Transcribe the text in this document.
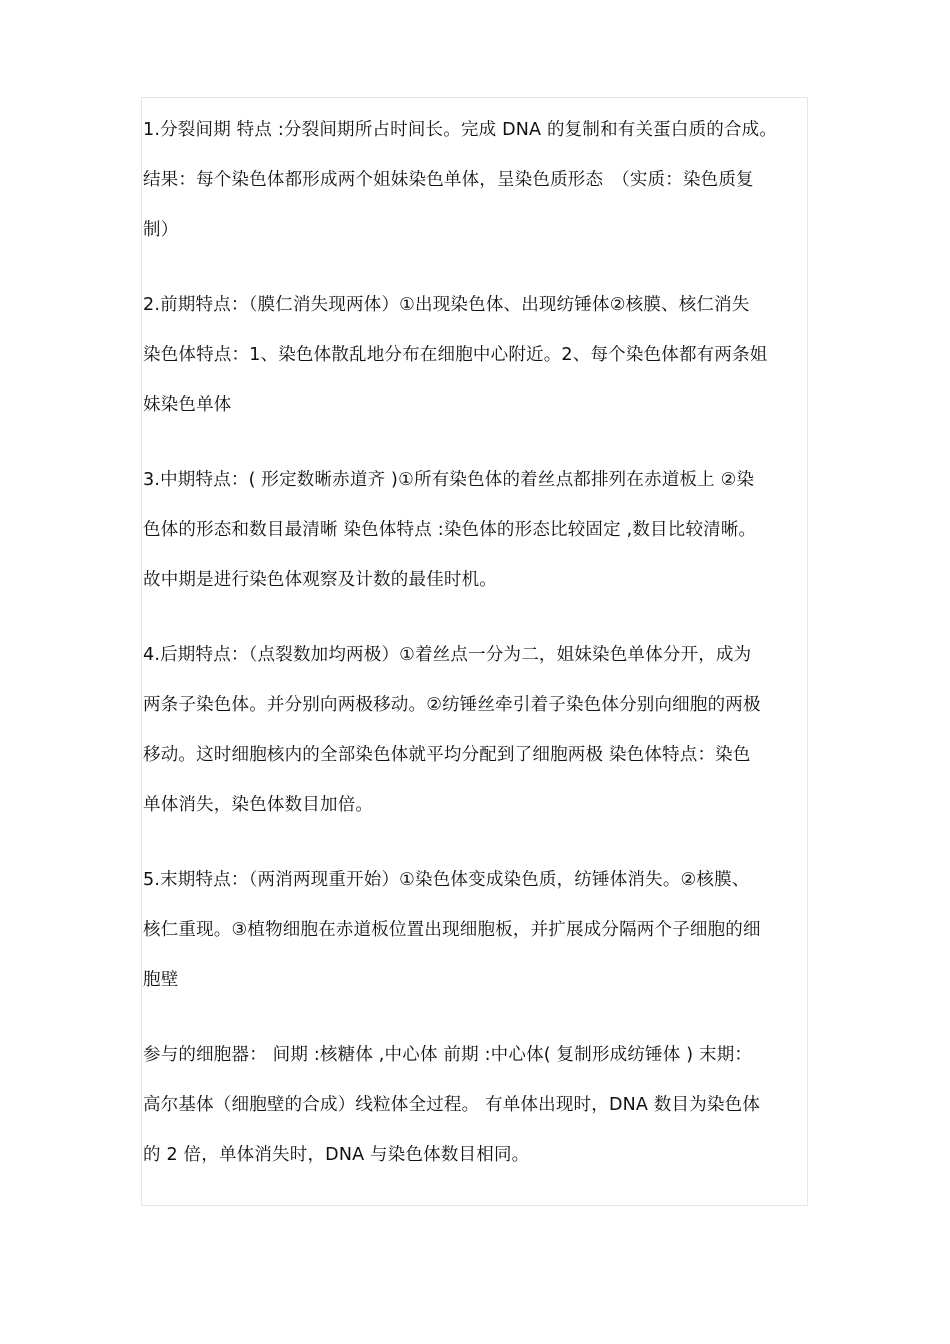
1.分裂间期 特点 :分裂间期所占时间长。完成 DNA 的复制和有关蛋白质的合成。
结果：每个染色体都形成两个姐妹染色单体，呈染色质形态　（实质：染色质复
制）
2.前期特点：（膜仁消失现两体）①出现染色体、出现纺锤体②核膜、核仁消失
染色体特点：1、染色体散乱地分布在细胞中心附近。2、每个染色体都有两条姐
妹染色单体
3.中期特点：( 形定数晰赤道齐 )①所有染色体的着丝点都排列在赤道板上 ②染
色体的形态和数目最清晰 染色体特点 :染色体的形态比较固定 ,数目比较清晰。
故中期是进行染色体观察及计数的最佳时机。
4.后期特点：（点裂数加均两极）①着丝点一分为二，姐妹染色单体分开，成为
两条子染色体。并分别向两极移动。②纺锤丝牵引着子染色体分别向细胞的两极
移动。这时细胞核内的全部染色体就平均分配到了细胞两极 染色体特点：染色
单体消失，染色体数目加倍。
5.末期特点：（两消两现重开始）①染色体变成染色质，纺锤体消失。②核膜、
核仁重现。③植物细胞在赤道板位置出现细胞板，并扩展成分隔两个子细胞的细
胞壁
参与的细胞器： 间期 :核糖体 ,中心体 前期 :中心体( 复制形成纺锤体 ) 末期：
高尔基体（细胞壁的合成）线粒体全过程。 有单体出现时，DNA 数目为染色体
的 2 倍，单体消失时，DNA 与染色体数目相同。
